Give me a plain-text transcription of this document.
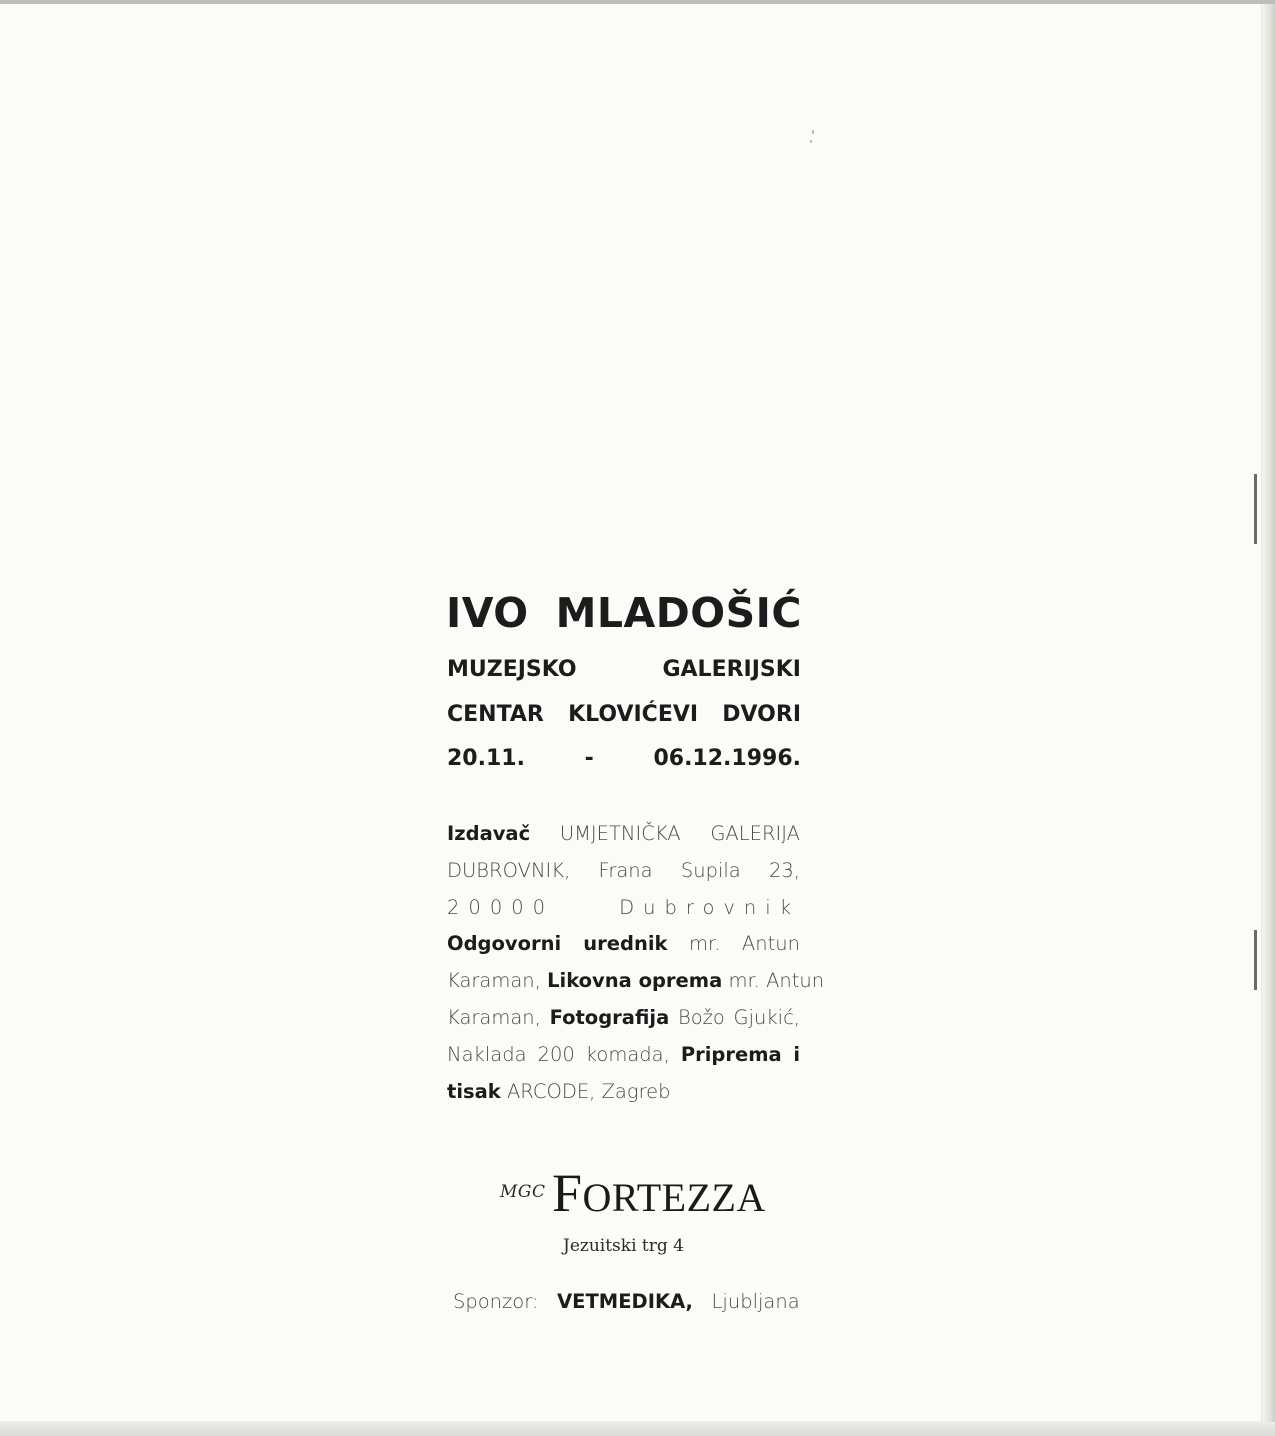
IVO MLADOŠIĆ
MUZEJSKO GALERIJSKI
CENTAR KLOVIĆEVI DVORI
20.11. - 06.12.1996.
Izdavač UMJETNIČKA GALERIJA
DUBROVNIK, Frana Supila 23,
20000 Dubrovnik
Odgovorni urednik mr. Antun
Karaman, Likovna oprema mr. Antun
Karaman, Fotografija Božo Gjukić,
Naklada 200 komada, Priprema i
tisak ARCODE, Zagreb
MGC FORTEZZA
Jezuitski trg 4
Sponzor: VETMEDIKA, Ljubljana
